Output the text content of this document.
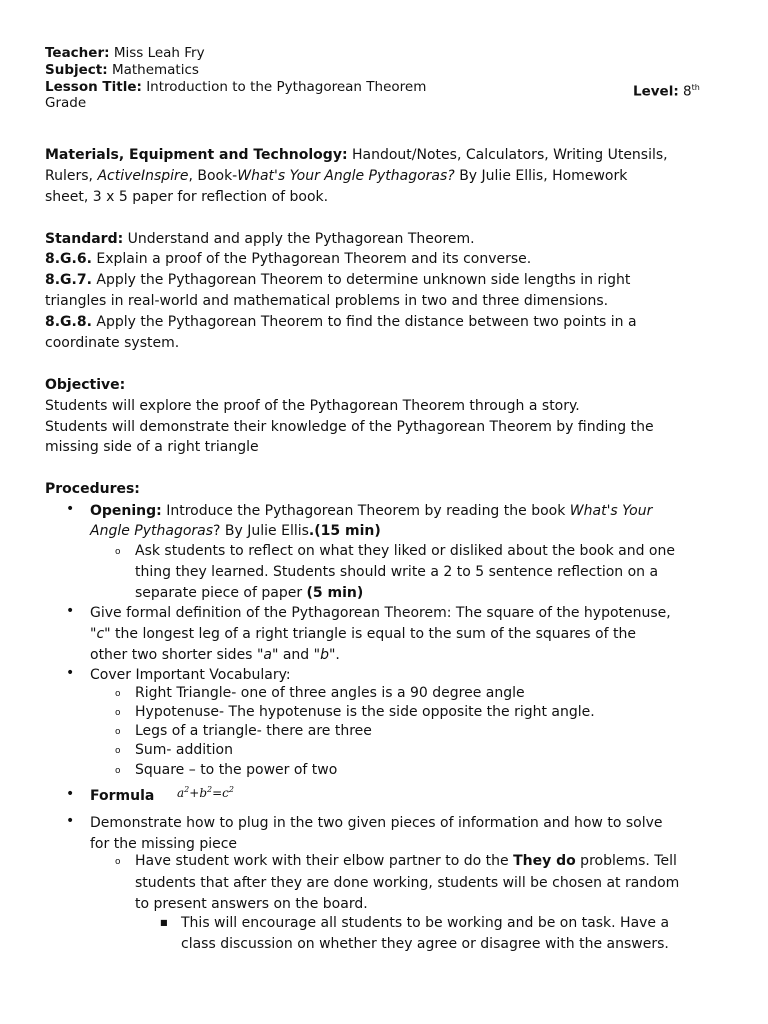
Teacher: Miss Leah Fry
Subject: Mathematics
Lesson Title: Introduction to the Pythagorean Theorem	Level: 8th
Grade
Materials, Equipment and Technology: Handout/Notes, Calculators, Writing Utensils,
Rulers, ActiveInspire, Book-What's Your Angle Pythagoras? By Julie Ellis, Homework
sheet, 3 x 5 paper for reflection of book.
Standard: Understand and apply the Pythagorean Theorem.
8.G.6. Explain a proof of the Pythagorean Theorem and its converse.
8.G.7. Apply the Pythagorean Theorem to determine unknown side lengths in right
triangles in real-world and mathematical problems in two and three dimensions.
8.G.8. Apply the Pythagorean Theorem to find the distance between two points in a
coordinate system.
Objective:
Students will explore the proof of the Pythagorean Theorem through a story.
Students will demonstrate their knowledge of the Pythagorean Theorem by finding the
missing side of a right triangle
Procedures:
• Opening: Introduce the Pythagorean Theorem by reading the book What's Your
Angle Pythagoras? By Julie Ellis.(15 min)
o Ask students to reflect on what they liked or disliked about the book and one
thing they learned. Students should write a 2 to 5 sentence reflection on a
separate piece of paper (5 min)
• Give formal definition of the Pythagorean Theorem: The square of the hypotenuse,
"c" the longest leg of a right triangle is equal to the sum of the squares of the
other two shorter sides "a" and "b".
• Cover Important Vocabulary:
o Right Triangle- one of three angles is a 90 degree angle
o Hypotenuse- The hypotenuse is the side opposite the right angle.
o Legs of a triangle- there are three
o Sum- addition
o Square – to the power of two
• Formula $a^2+b^2=c^2$
• Demonstrate how to plug in the two given pieces of information and how to solve
for the missing piece
o Have student work with their elbow partner to do the They do problems. Tell
students that after they are done working, students will be chosen at random
to present answers on the board.
■ This will encourage all students to be working and be on task. Have a
class discussion on whether they agree or disagree with the answers.
